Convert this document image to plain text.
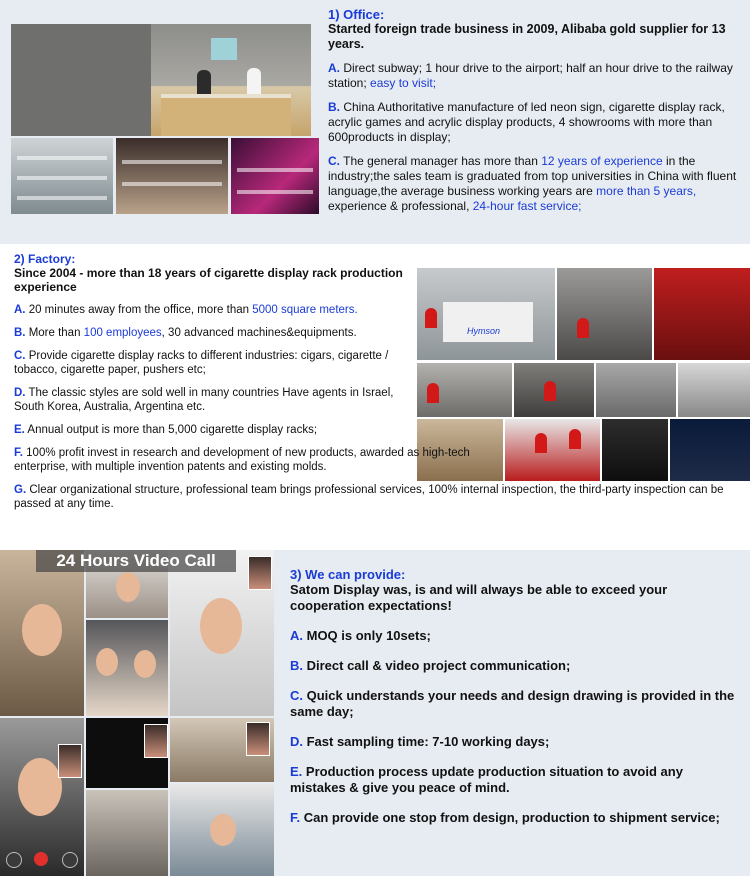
1) Office:
Started foreign trade business in 2009, Alibaba gold supplier for 13 years.

A. Direct subway; 1 hour drive to the airport; half an hour drive to the railway station; easy to visit;

B. China Authoritative manufacture of led neon sign, cigarette display rack, acrylic games and acrylic display products, 4 showrooms with more than 600products in display;

C. The general manager has more than 12 years of experience in the industry;the sales team is graduated from top universities in China with fluent language,the average business working years are more than 5 years, experience & professional, 24-hour fast service;

Hymson
2) Factory:
Since 2004 - more than 18 years of cigarette display rack production experience

A. 20 minutes away from the office, more than 5000 square meters.

B. More than 100 employees, 30 advanced machines&equipments.

C. Provide cigarette display racks to different industries: cigars, cigarette / tobacco, cigarette paper, pushers etc;

D. The classic styles are sold well in many countries Have agents in Israel, South Korea, Australia, Argentina etc.

E. Annual output is more than 5,000 cigarette display racks;

F. 100% profit invest in research and development of new products, awarded as high-tech enterprise, with multiple invention patents and existing molds.

G. Clear organizational structure, professional team brings professional services, 100% internal inspection, the third-party inspection can be passed at any time.

3) We can provide:
Satom Display was, is and will always be able to exceed your cooperation expectations!

A. MOQ is only 10sets;

B. Direct call & video project communication;

C. Quick understands your needs and design drawing is provided in the same day;

D. Fast sampling time: 7-10 working days;

E. Production process update production situation to avoid any mistakes & give you peace of mind.

F. Can provide one stop from design, production to shipment service;

24 Hours Video Call
